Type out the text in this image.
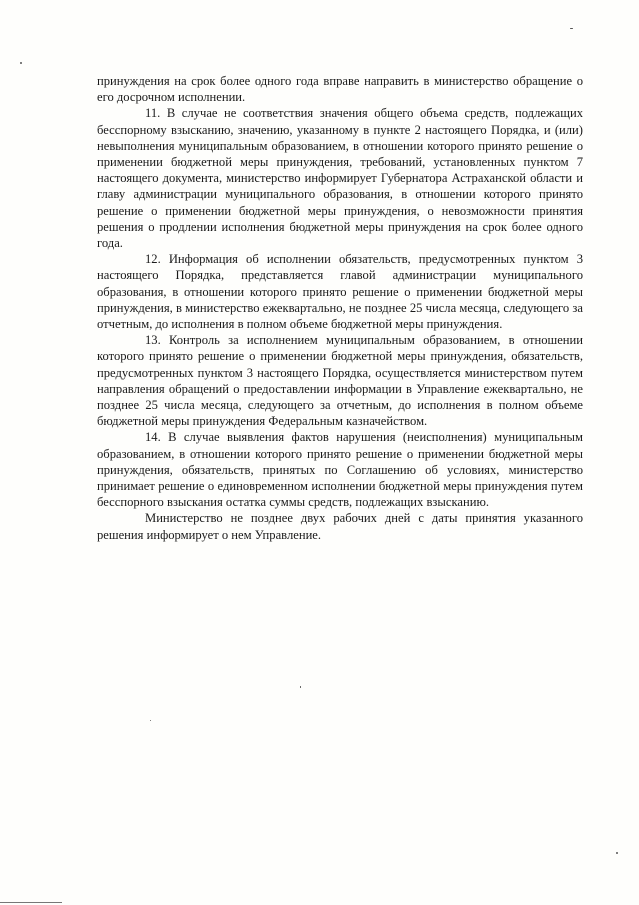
принуждения на срок более одного года вправе направить в министерство обращение о его досрочном исполнении.

11. В случае не соответствия значения общего объема средств, подлежащих бесспорному взысканию, значению, указанному в пункте 2 настоящего Порядка, и (или) невыполнения муниципальным образованием, в отношении которого принято решение о применении бюджетной меры принуждения, требований, установленных пунктом 7 настоящего документа, министерство информирует Губернатора Астраханской области и главу администрации муниципального образования, в отношении которого принято решение о применении бюджетной меры принуждения, о невозможности принятия решения о продлении исполнения бюджетной меры принуждения на срок более одного года.

12. Информация об исполнении обязательств, предусмотренных пунктом 3 настоящего Порядка, представляется главой администрации муниципального образования, в отношении которого принято решение о применении бюджетной меры принуждения, в министерство ежеквартально, не позднее 25 числа месяца, следующего за отчетным, до исполнения в полном объеме бюджетной меры принуждения.

13. Контроль за исполнением муниципальным образованием, в отношении которого принято решение о применении бюджетной меры принуждения, обязательств, предусмотренных пунктом 3 настоящего Порядка, осуществляется министерством путем направления обращений о предоставлении информации в Управление ежеквартально, не позднее 25 числа месяца, следующего за отчетным, до исполнения в полном объеме бюджетной меры принуждения Федеральным казначейством.

14. В случае выявления фактов нарушения (неисполнения) муниципальным образованием, в отношении которого принято решение о применении бюджетной меры принуждения, обязательств, принятых по Соглашению об условиях, министерство принимает решение о единовременном исполнении бюджетной меры принуждения путем бесспорного взыскания остатка суммы средств, подлежащих взысканию.

Министерство не позднее двух рабочих дней с даты принятия указанного решения информирует о нем Управление.
